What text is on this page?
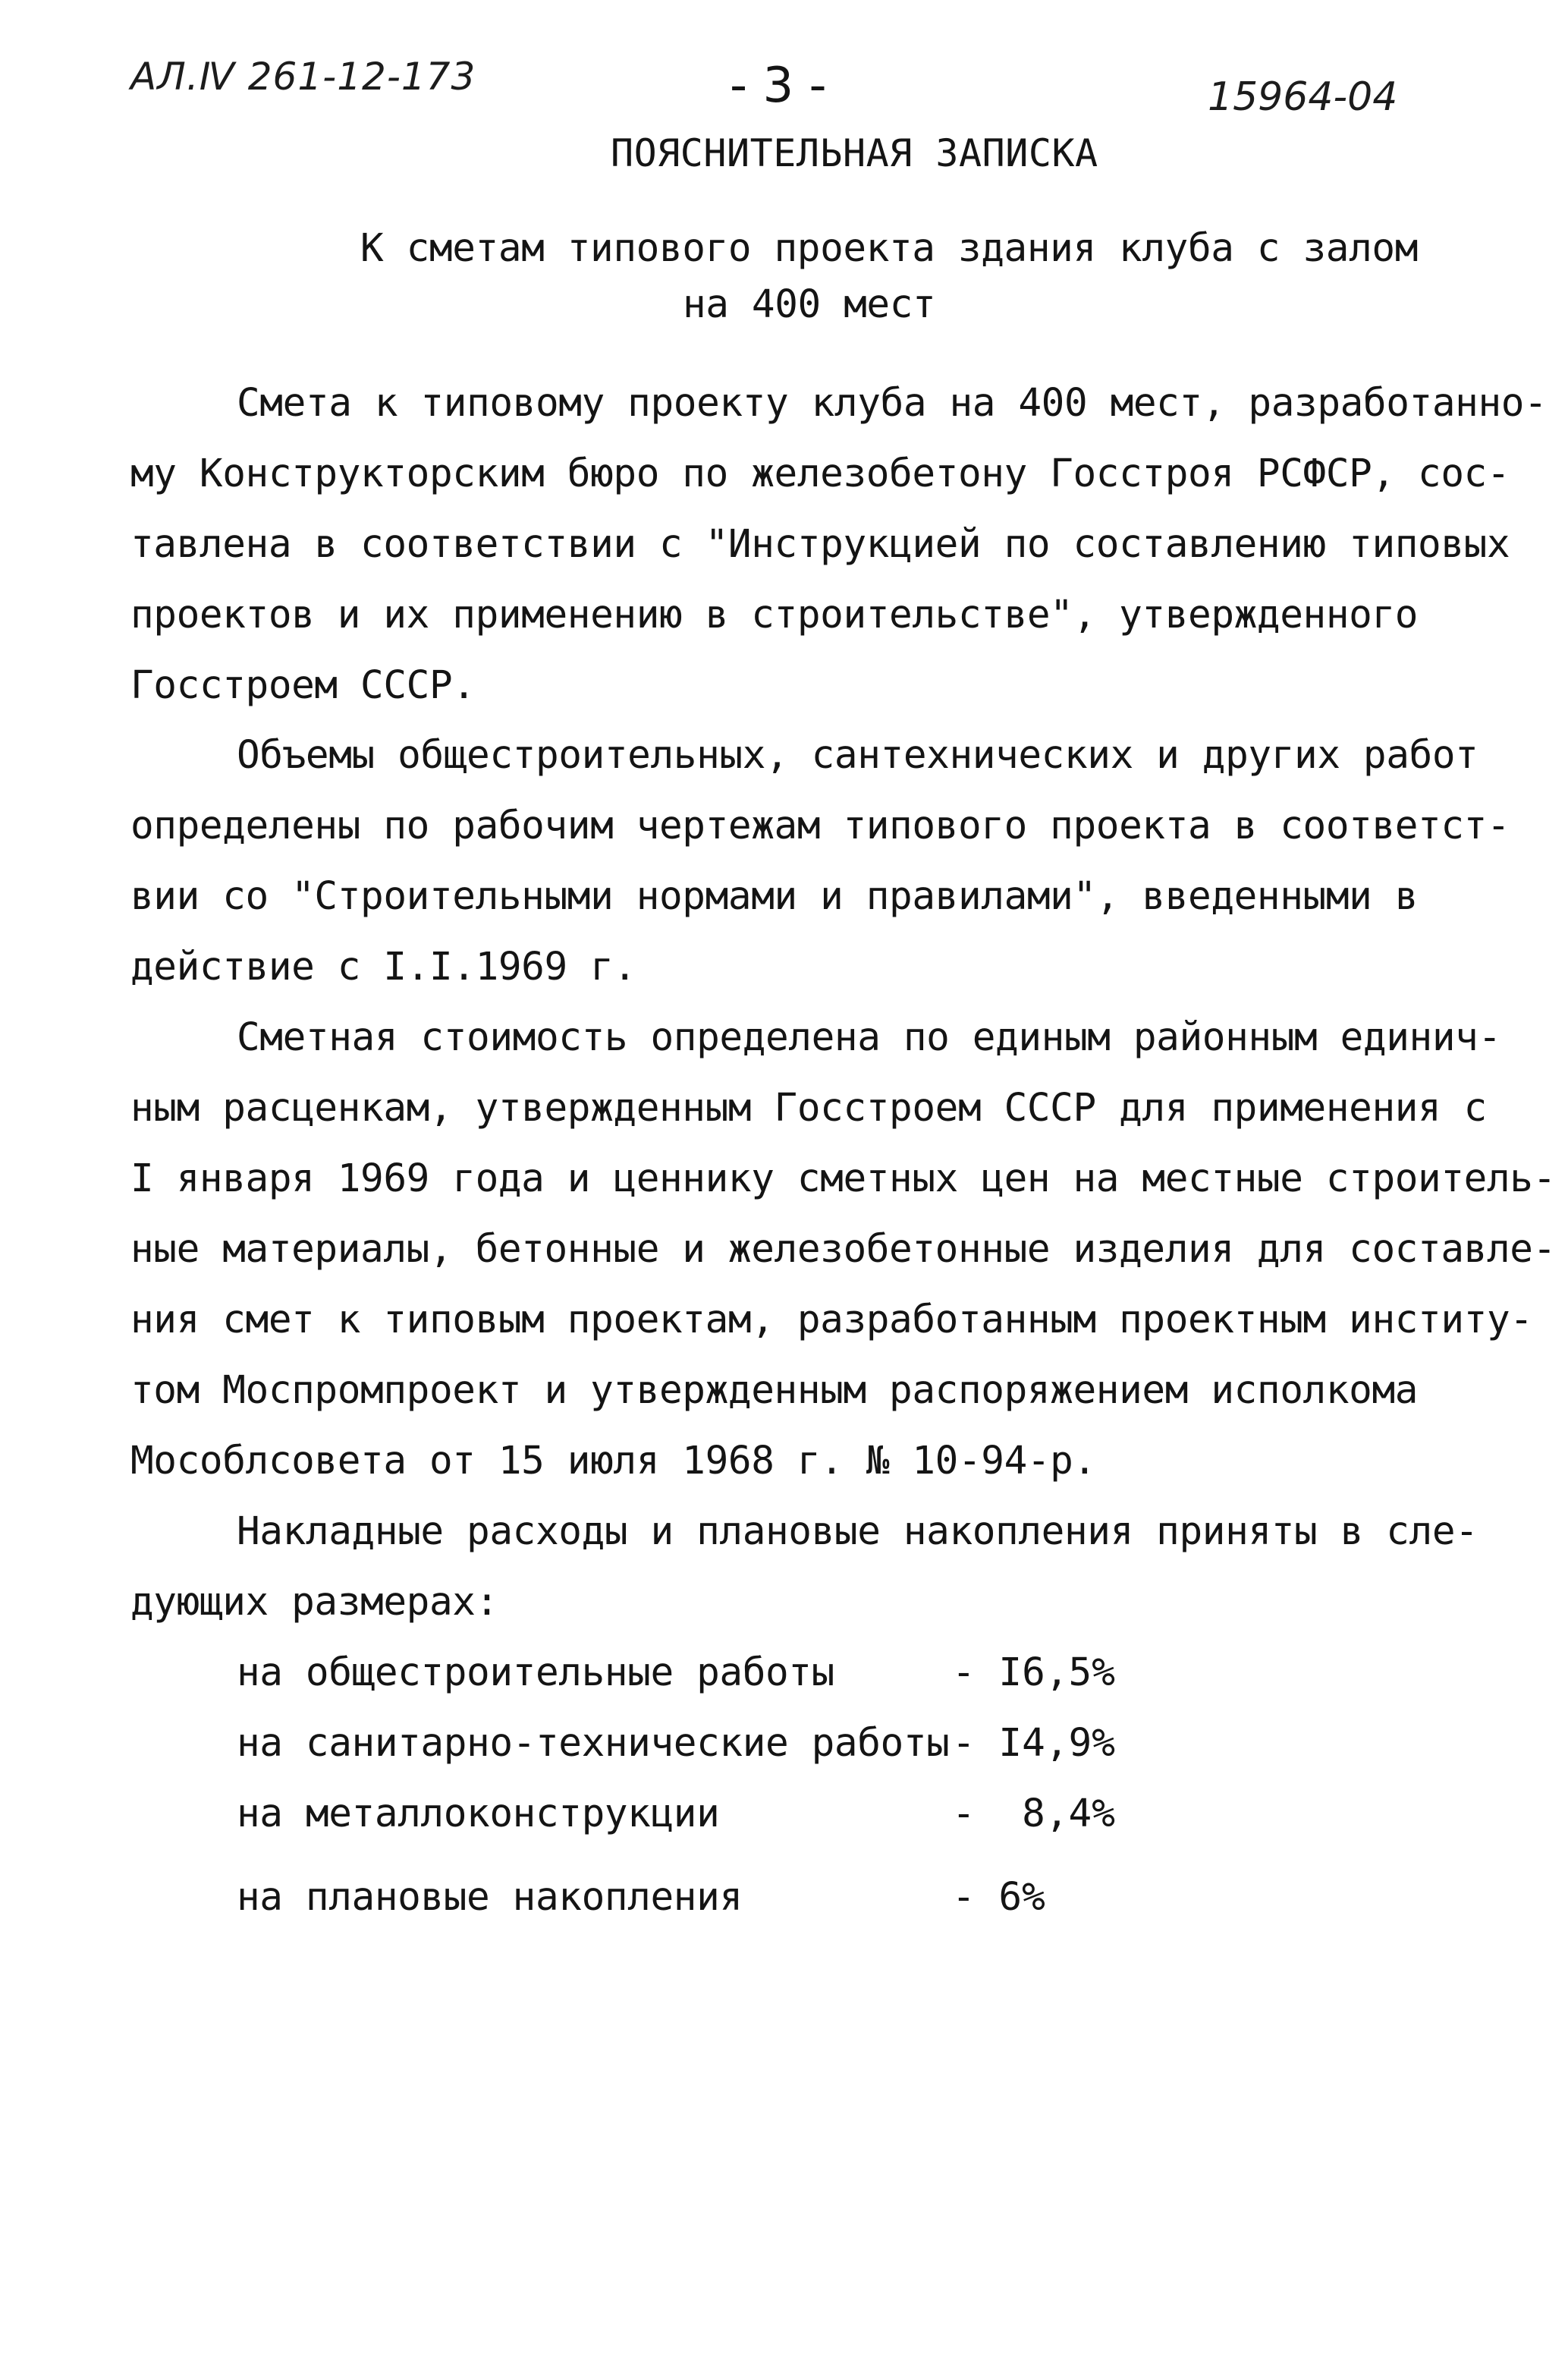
АЛ.Ⅳ 261-12-173	- 3 -	15964-04
ПОЯСНИТЕЛЬНАЯ ЗАПИСКА
К сметам типового проекта здания клуба с залом
на 400 мест
Смета к типовому проекту клуба на 400 мест, разработанно-
му Конструкторским бюро по железобетону Госстроя РСФСР, сос-
тавлена в соответствии с "Инструкцией по составлению типовых
проектов и их применению в строительстве", утвержденного
Госстроем СССР.
Объемы общестроительных, сантехнических и других работ
определены по рабочим чертежам типового проекта в соответст-
вии со "Строительными нормами и правилами", введенными в
действие с I.I.1969 г.
Сметная стоимость определена по единым районным единич-
ным расценкам, утвержденным Госстроем СССР для применения с
I января 1969 года и ценнику сметных цен на местные строитель-
ные материалы, бетонные и железобетонные изделия для составле-
ния смет к типовым проектам, разработанным проектным институ-
том Моспромпроект и утвержденным распоряжением исполкома
Мособлсовета от 15 июля 1968 г. № 10-94-р.
Накладные расходы и плановые накопления приняты в сле-
дующих размерах:
на общестроительные работы	- I6,5%
на санитарно-технические работы - I4,9%
на металлоконструкции	-  8,4%
на плановые накопления	- 6%
